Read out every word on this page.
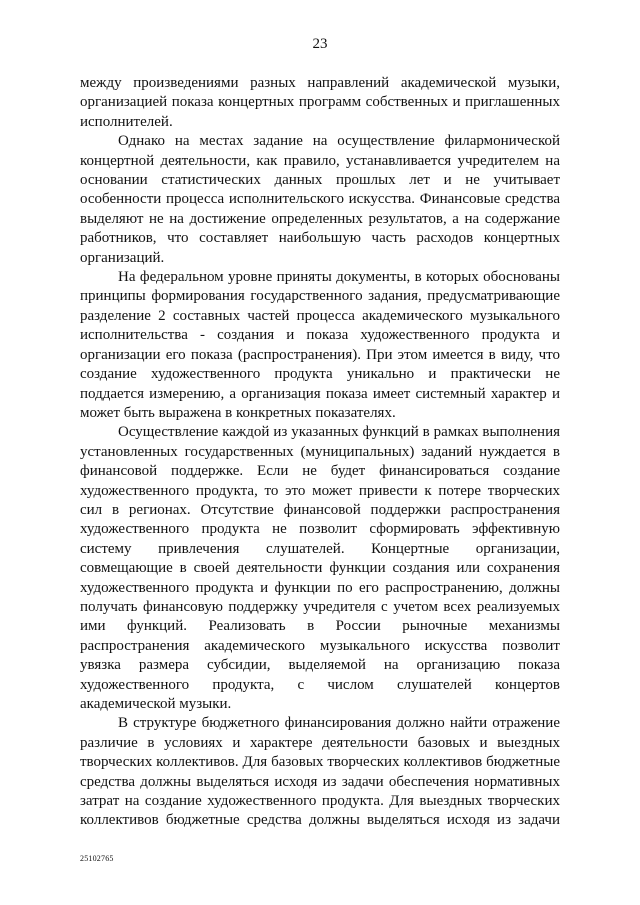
23

между произведениями разных направлений академической музыки, организацией показа концертных программ собственных и приглашенных исполнителей.

Однако на местах задание на осуществление филармонической концертной деятельности, как правило, устанавливается учредителем на основании статистических данных прошлых лет и не учитывает особенности процесса исполнительского искусства. Финансовые средства выделяют не на достижение определенных результатов, а на содержание работников, что составляет наибольшую часть расходов концертных организаций.

На федеральном уровне приняты документы, в которых обоснованы принципы формирования государственного задания, предусматривающие разделение 2 составных частей процесса академического музыкального исполнительства - создания и показа художественного продукта и организации его показа (распространения). При этом имеется в виду, что создание художественного продукта уникально и практически не поддается измерению, а организация показа имеет системный характер и может быть выражена в конкретных показателях.

Осуществление каждой из указанных функций в рамках выполнения установленных государственных (муниципальных) заданий нуждается в финансовой поддержке. Если не будет финансироваться создание художественного продукта, то это может привести к потере творческих сил в регионах. Отсутствие финансовой поддержки распространения художественного продукта не позволит сформировать эффективную систему привлечения слушателей. Концертные организации, совмещающие в своей деятельности функции создания или сохранения художественного продукта и функции по его распространению, должны получать финансовую поддержку учредителя с учетом всех реализуемых ими функций. Реализовать в России рыночные механизмы распространения академического музыкального искусства позволит увязка размера субсидии, выделяемой на организацию показа художественного продукта, с числом слушателей концертов академической музыки.

В структуре бюджетного финансирования должно найти отражение различие в условиях и характере деятельности базовых и выездных творческих коллективов. Для базовых творческих коллективов бюджетные средства должны выделяться исходя из задачи обеспечения нормативных затрат на создание художественного продукта. Для выездных творческих коллективов бюджетные средства должны выделяться исходя из задачи

25102765
